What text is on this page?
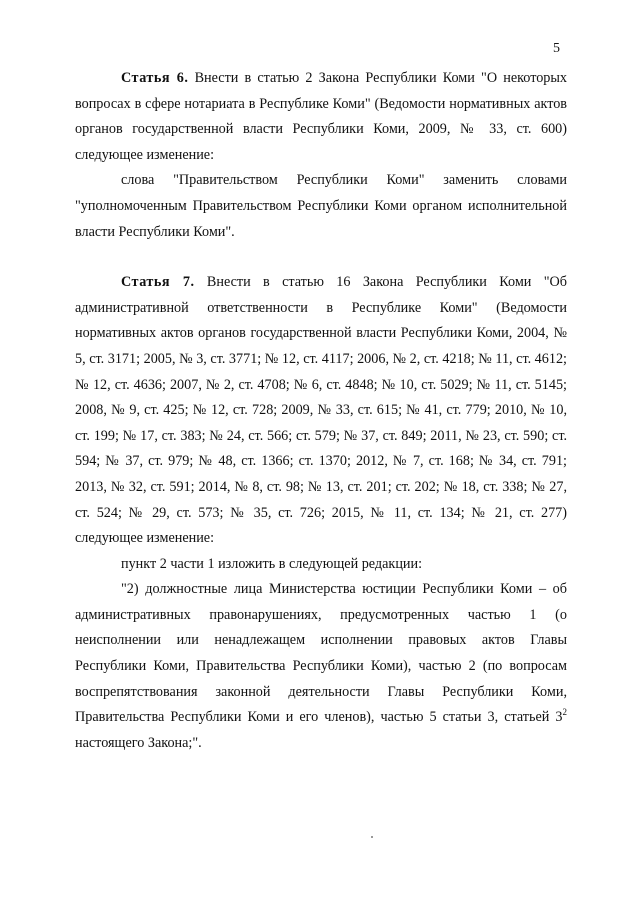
5

Статья 6. Внести в статью 2 Закона Республики Коми "О некоторых вопросах в сфере нотариата в Республике Коми" (Ведомости нормативных актов органов государственной власти Республики Коми, 2009, № 33, ст. 600) следующее изменение:

слова "Правительством Республики Коми" заменить словами "уполномоченным Правительством Республики Коми органом исполнительной власти Республики Коми".

Статья 7. Внести в статью 16 Закона Республики Коми "Об административной ответственности в Республике Коми" (Ведомости нормативных актов органов государственной власти Республики Коми, 2004, № 5, ст. 3171; 2005, № 3, ст. 3771; № 12, ст. 4117; 2006, № 2, ст. 4218; № 11, ст. 4612; № 12, ст. 4636; 2007, № 2, ст. 4708; № 6, ст. 4848; № 10, ст. 5029; № 11, ст. 5145; 2008, № 9, ст. 425; № 12, ст. 728; 2009, № 33, ст. 615; № 41, ст. 779; 2010, № 10, ст. 199; № 17, ст. 383; № 24, ст. 566; ст. 579; № 37, ст. 849; 2011, № 23, ст. 590; ст. 594; № 37, ст. 979; № 48, ст. 1366; ст. 1370; 2012, № 7, ст. 168; № 34, ст. 791; 2013, № 32, ст. 591; 2014, № 8, ст. 98; № 13, ст. 201; ст. 202; № 18, ст. 338; № 27, ст. 524; № 29, ст. 573; № 35, ст. 726; 2015, № 11, ст. 134; № 21, ст. 277) следующее изменение:

пункт 2 части 1 изложить в следующей редакции:

"2) должностные лица Министерства юстиции Республики Коми – об административных правонарушениях, предусмотренных частью 1 (о неисполнении или ненадлежащем исполнении правовых актов Главы Республики Коми, Правительства Республики Коми), частью 2 (по вопросам воспрепятствования законной деятельности Главы Республики Коми, Правительства Республики Коми и его членов), частью 5 статьи 3, статьей $3^2$ настоящего Закона;".
